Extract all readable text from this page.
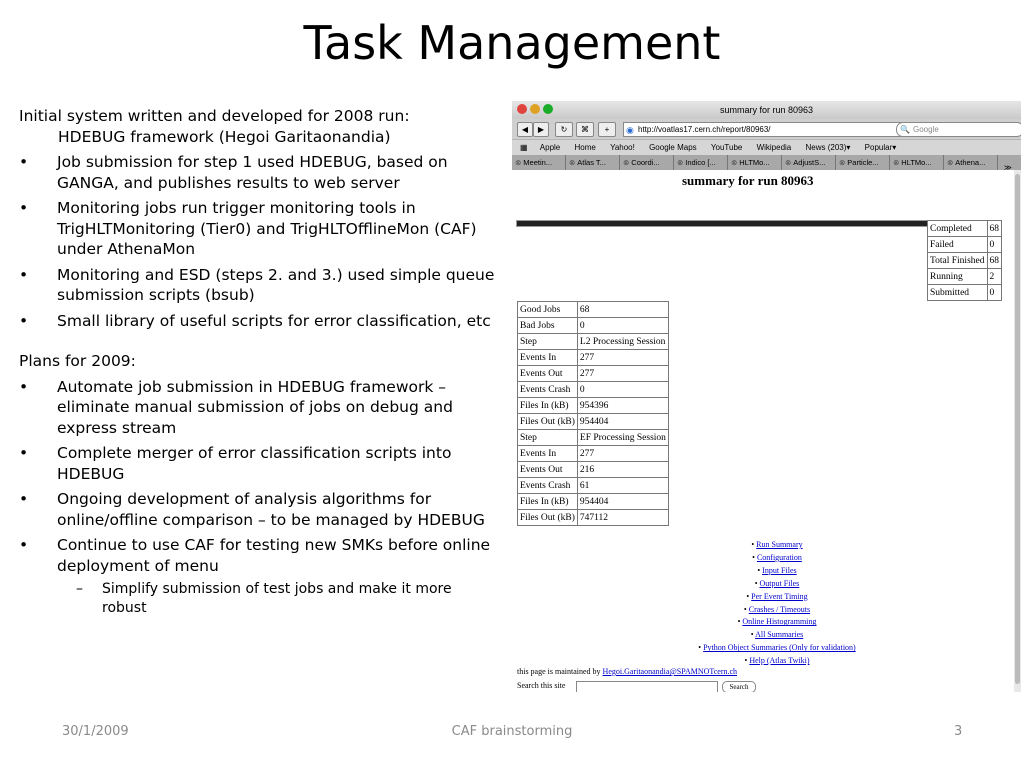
Task Management

Initial system written and developed for 2008 run:

HDEBUG framework (Hegoi Garitaonandia)

• Job submission for step 1 used HDEBUG, based on GANGA, and publishes results to web server
• Monitoring jobs run trigger monitoring tools in TrigHLTMonitoring (Tier0) and TrigHLTOfflineMon (CAF) under AthenaMon
• Monitoring and ESD (steps 2. and 3.) used simple queue submission scripts (bsub)
• Small library of useful scripts for error classification, etc

Plans for 2009:

• Automate job submission in HDEBUG framework – eliminate manual submission of jobs on debug and express stream
• Complete merger of error classification scripts into HDEBUG
• Ongoing development of analysis algorithms for online/offline comparison – to be managed by HDEBUG
• Continue to use CAF for testing new SMKs before online deployment of menu
– Simplify submission of test jobs and make it more robust
summary for run 80963
◀	▶	↻	⌘	+	◉ http://voatlas17.cern.ch/report/80963/	🔍 Google
▦ Apple Home Yahoo! Google Maps YouTube Wikipedia News (203)▾ Popular▾
⊗ Meetin... ⊗ Atlas T... ⊗ Coordi... ⊗ Indico [... ⊗ HLTMo... ⊗ AdjustS... ⊗ Particle... ⊗ HLTMo... ⊗ Athena...≫
summary for run 80963
Completed	68
Failed	0
Total Finished	68
Running	2
Submitted	0
Good Jobs	68
Bad Jobs	0
Step	L2 Processing Session
Events In	277
Events Out	277
Events Crash	0
Files In (kB)	954396
Files Out (kB)	954404
Step	EF Processing Session
Events In	277
Events Out	216
Events Crash	61
Files In (kB)	954404
Files Out (kB)	747112
• Run Summary
• Configuration
• Input Files
• Output Files
• Per Event Timing
• Crashes / Timeouts
• Online Histogramming
• All Summaries
• Python Object Summaries (Only for validation)
• Help (Atlas Twiki)
this page is maintained by Hegoi.Garitaonandia@SPAMNOTcern.ch
Search this site	Search
30/1/2009	CAF brainstorming	3
